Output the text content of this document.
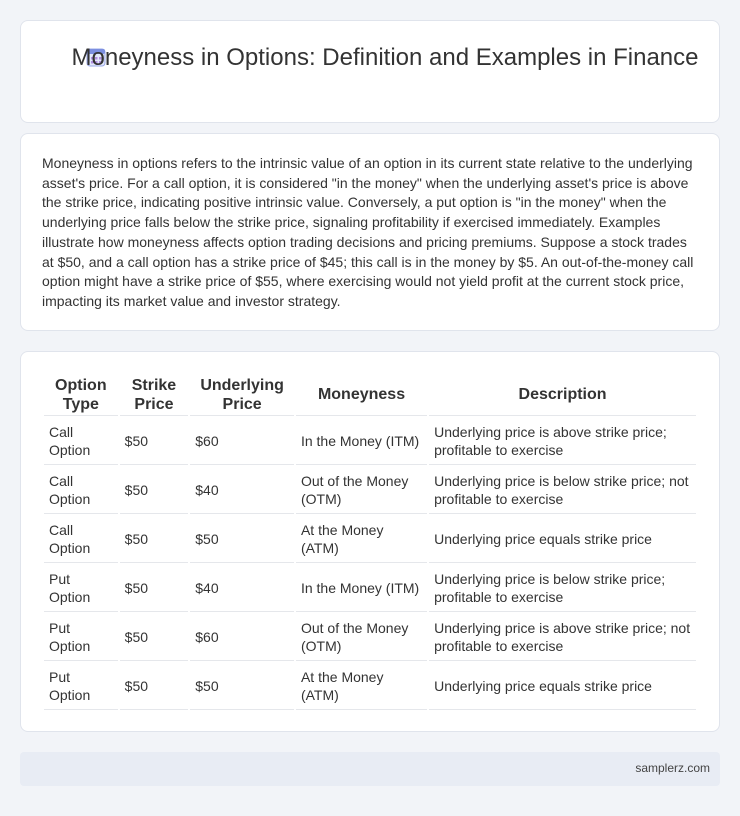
Moneyness in Options: Definition and Examples in Finance

Moneyness in options refers to the intrinsic value of an option in its current state relative to the underlying asset's price. For a call option, it is considered "in the money" when the underlying asset's price is above the strike price, indicating positive intrinsic value. Conversely, a put option is "in the money" when the underlying price falls below the strike price, signaling profitability if exercised immediately. Examples illustrate how moneyness affects option trading decisions and pricing premiums. Suppose a stock trades at $50, and a call option has a strike price of $45; this call is in the money by $5. An out-of-the-money call option might have a strike price of $55, where exercising would not yield profit at the current stock price, impacting its market value and investor strategy.

Option Type	Strike Price	Underlying Price	Moneyness	Description
Call Option	$50	$60	In the Money (ITM)	Underlying price is above strike price; profitable to exercise
Call Option	$50	$40	Out of the Money (OTM)	Underlying price is below strike price; not profitable to exercise
Call Option	$50	$50	At the Money (ATM)	Underlying price equals strike price
Put Option	$50	$40	In the Money (ITM)	Underlying price is below strike price; profitable to exercise
Put Option	$50	$60	Out of the Money (OTM)	Underlying price is above strike price; not profitable to exercise
Put Option	$50	$50	At the Money (ATM)	Underlying price equals strike price
samplerz.com
